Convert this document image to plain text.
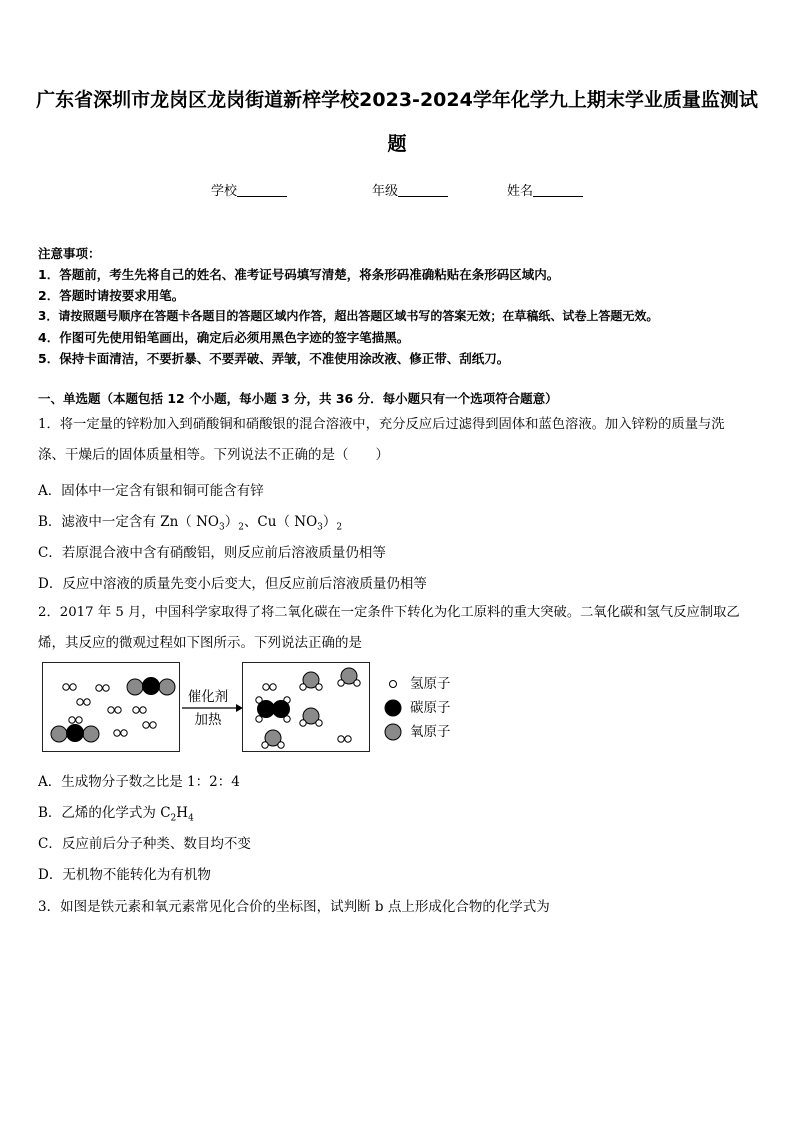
广东省深圳市龙岗区龙岗街道新梓学校2023-2024学年化学九上期末学业质量监测试
题
学校	年级	姓名
注意事项：
1．答题前，考生先将自己的姓名、准考证号码填写清楚，将条形码准确粘贴在条形码区域内。
2．答题时请按要求用笔。
3．请按照题号顺序在答题卡各题目的答题区域内作答，超出答题区域书写的答案无效；在草稿纸、试卷上答题无效。
4．作图可先使用铅笔画出，确定后必须用黑色字迹的签字笔描黑。
5．保持卡面清洁，不要折暴、不要弄破、弄皱，不准使用涂改液、修正带、刮纸刀。
一、单选题（本题包括 12 个小题，每小题 3 分，共 36 分．每小题只有一个选项符合题意）
1．将一定量的锌粉加入到硝酸铜和硝酸银的混合溶液中，充分反应后过滤得到固体和蓝色溶液。加入锌粉的质量与洗
涤、干燥后的固体质量相等。下列说法不正确的是（　　）
A．固体中一定含有银和铜可能含有锌
B．滤液中一定含有 Zn（ $NO_3)_2$、Cu（ $NO_3)_2$
C．若原混合液中含有硝酸铝，则反应前后溶液质量仍相等
D．反应中溶液的质量先变小后变大，但反应前后溶液质量仍相等
2．2017 年 5 月，中国科学家取得了将二氧化碳在一定条件下转化为化工原料的重大突破。二氧化碳和氢气反应制取乙
烯，其反应的微观过程如下图所示。下列说法正确的是
催化剂
加热
氢原子
碳原子
氧原子
A．生成物分子数之比是 1：2：4
B．乙烯的化学式为 $C_2H_4$
C．反应前后分子种类、数目均不变
D．无机物不能转化为有机物
3．如图是铁元素和氧元素常见化合价的坐标图，试判断 b 点上形成化合物的化学式为
